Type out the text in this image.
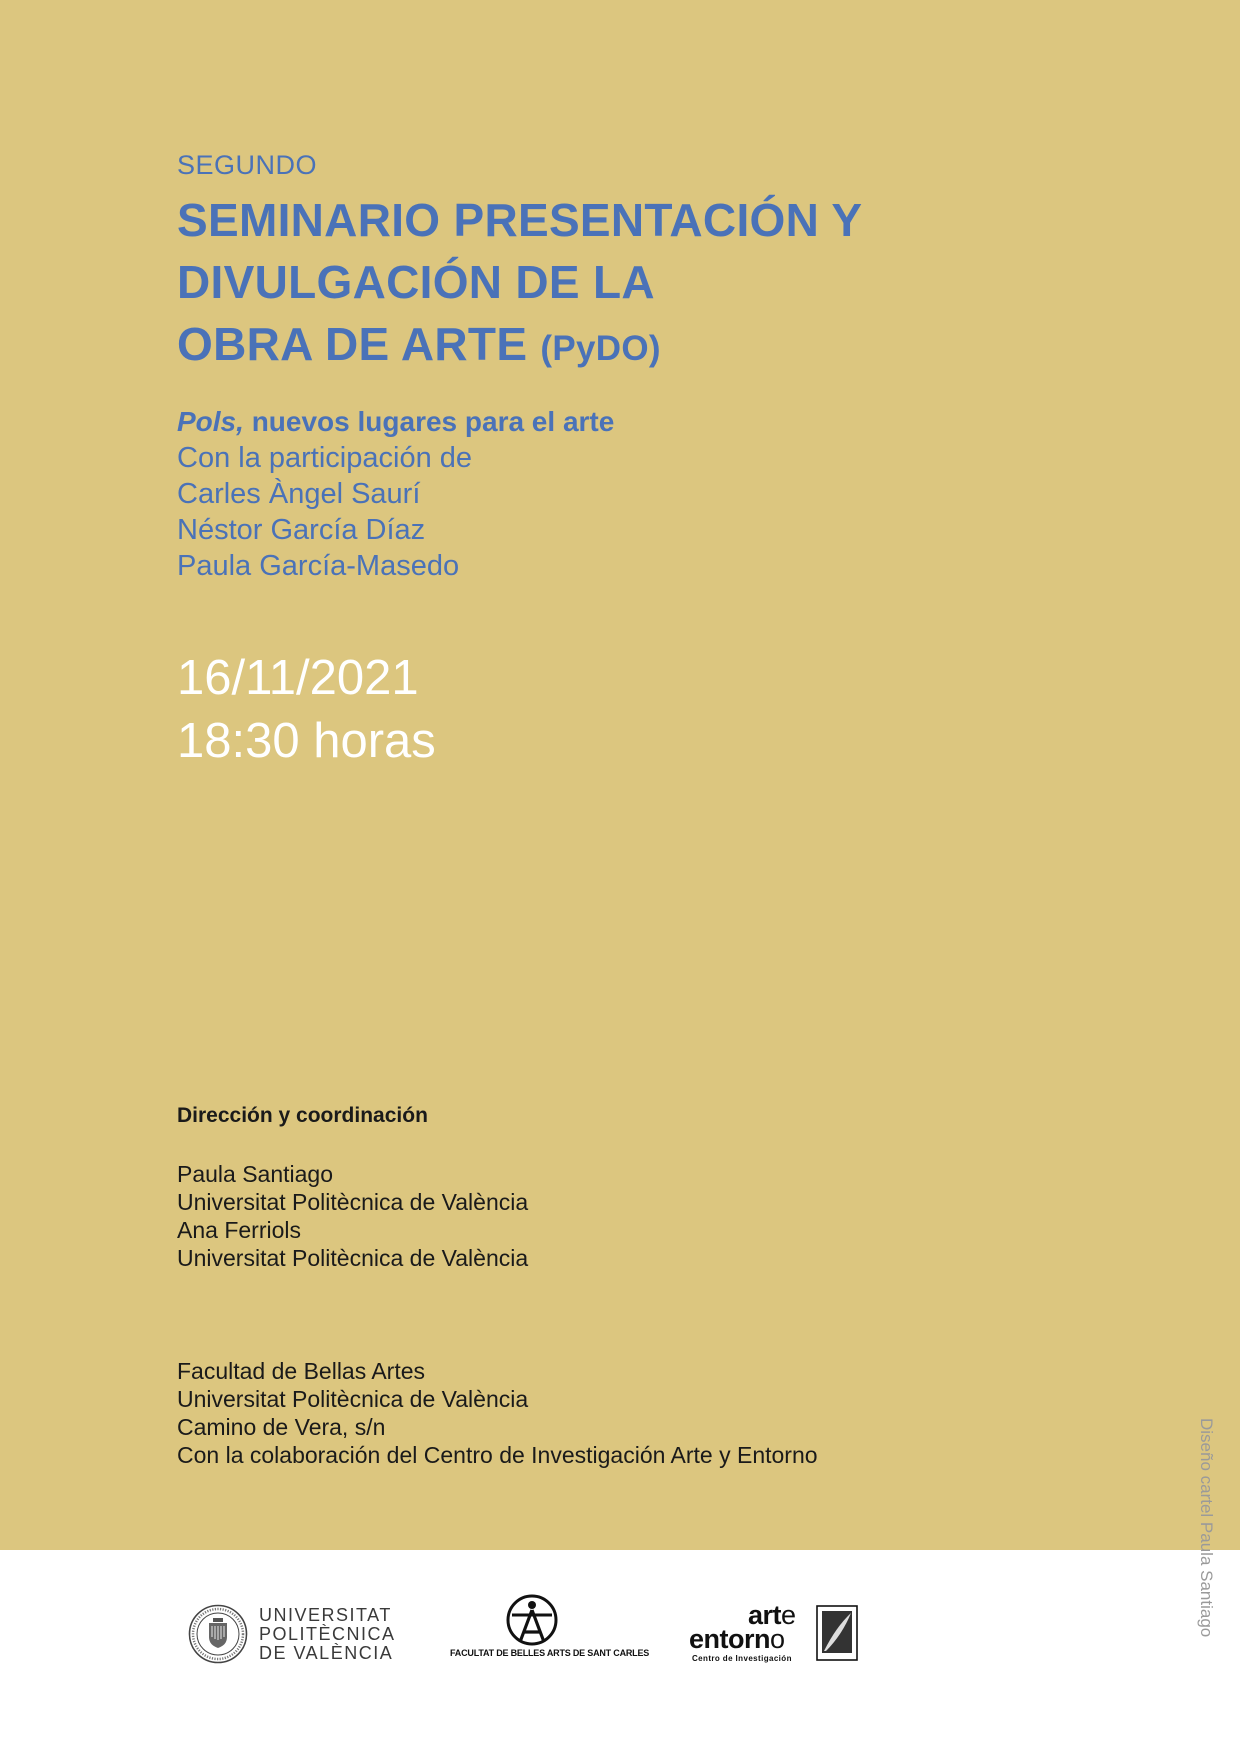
SEGUNDO

SEMINARIO PRESENTACIÓN Y
DIVULGACIÓN DE LA
OBRA DE ARTE (PyDO)

Pols, nuevos lugares para el arte

Con la participación de
Carles Àngel Saurí
Néstor García Díaz
Paula García-Masedo
16/11/2021
18:30 horas

Dirección y coordinación

Paula Santiago
Universitat Politècnica de València
Ana Ferriols
Universitat Politècnica de València
Facultad de Bellas Artes
Universitat Politècnica de València
Camino de Vera, s/n
Con la colaboración del Centro de Investigación Arte y Entorno	Diseño cartel Paula Santiago
UNIVERSITAT
POLITÈCNICA
DE VALÈNCIA	FACULTAT DE BELLES ARTS DE SANT CARLES
arte
entorno
Centro de Investigación
